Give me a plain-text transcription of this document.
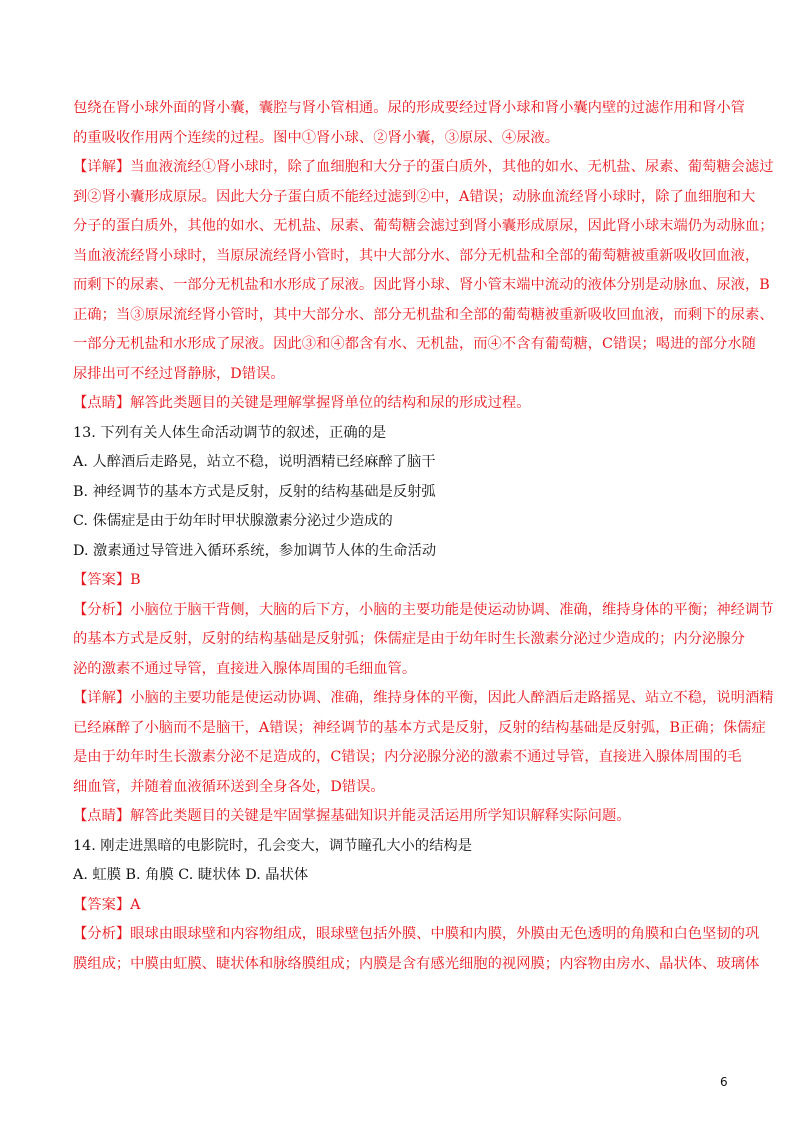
包绕在肾小球外面的肾小囊，囊腔与肾小管相通。尿的形成要经过肾小球和肾小囊内壁的过滤作用和肾小管
的重吸收作用两个连续的过程。图中①肾小球、②肾小囊，③原尿、④尿液。
【详解】当血液流经①肾小球时，除了血细胞和大分子的蛋白质外，其他的如水、无机盐、尿素、葡萄糖会滤过
到②肾小囊形成原尿。因此大分子蛋白质不能经过滤到②中，A错误；动脉血流经肾小球时，除了血细胞和大
分子的蛋白质外，其他的如水、无机盐、尿素、葡萄糖会滤过到肾小囊形成原尿，因此肾小球末端仍为动脉血；
当血液流经肾小球时，当原尿流经肾小管时，其中大部分水、部分无机盐和全部的葡萄糖被重新吸收回血液，
而剩下的尿素、一部分无机盐和水形成了尿液。因此肾小球、肾小管末端中流动的液体分别是动脉血、尿液，B
正确；当③原尿流经肾小管时，其中大部分水、部分无机盐和全部的葡萄糖被重新吸收回血液，而剩下的尿素、
一部分无机盐和水形成了尿液。因此③和④都含有水、无机盐，而④不含有葡萄糖，C错误；喝进的部分水随
尿排出可不经过肾静脉，D错误。
【点睛】解答此类题目的关键是理解掌握肾单位的结构和尿的形成过程。
13. 下列有关人体生命活动调节的叙述，正确的是
A. 人醉酒后走路晃，站立不稳，说明酒精已经麻醉了脑干
B. 神经调节的基本方式是反射，反射的结构基础是反射弧
C. 侏儒症是由于幼年时甲状腺激素分泌过少造成的
D. 激素通过导管进入循环系统，参加调节人体的生命活动
【答案】B
【分析】小脑位于脑干背侧，大脑的后下方，小脑的主要功能是使运动协调、准确，维持身体的平衡；神经调节
的基本方式是反射，反射的结构基础是反射弧；侏儒症是由于幼年时生长激素分泌过少造成的；内分泌腺分
泌的激素不通过导管，直接进入腺体周围的毛细血管。
【详解】小脑的主要功能是使运动协调、准确，维持身体的平衡，因此人醉酒后走路摇晃、站立不稳，说明酒精
已经麻醉了小脑而不是脑干，A错误；神经调节的基本方式是反射，反射的结构基础是反射弧，B正确；侏儒症
是由于幼年时生长激素分泌不足造成的，C错误；内分泌腺分泌的激素不通过导管，直接进入腺体周围的毛
细血管，并随着血液循环送到全身各处，D错误。
【点睛】解答此类题目的关键是牢固掌握基础知识并能灵活运用所学知识解释实际问题。
14. 刚走进黑暗的电影院时，孔会变大，调节瞳孔大小的结构是
A. 虹膜 B. 角膜 C. 睫状体 D. 晶状体
【答案】A
【分析】眼球由眼球壁和内容物组成，眼球壁包括外膜、中膜和内膜，外膜由无色透明的角膜和白色坚韧的巩
膜组成；中膜由虹膜、睫状体和脉络膜组成；内膜是含有感光细胞的视网膜；内容物由房水、晶状体、玻璃体
6
